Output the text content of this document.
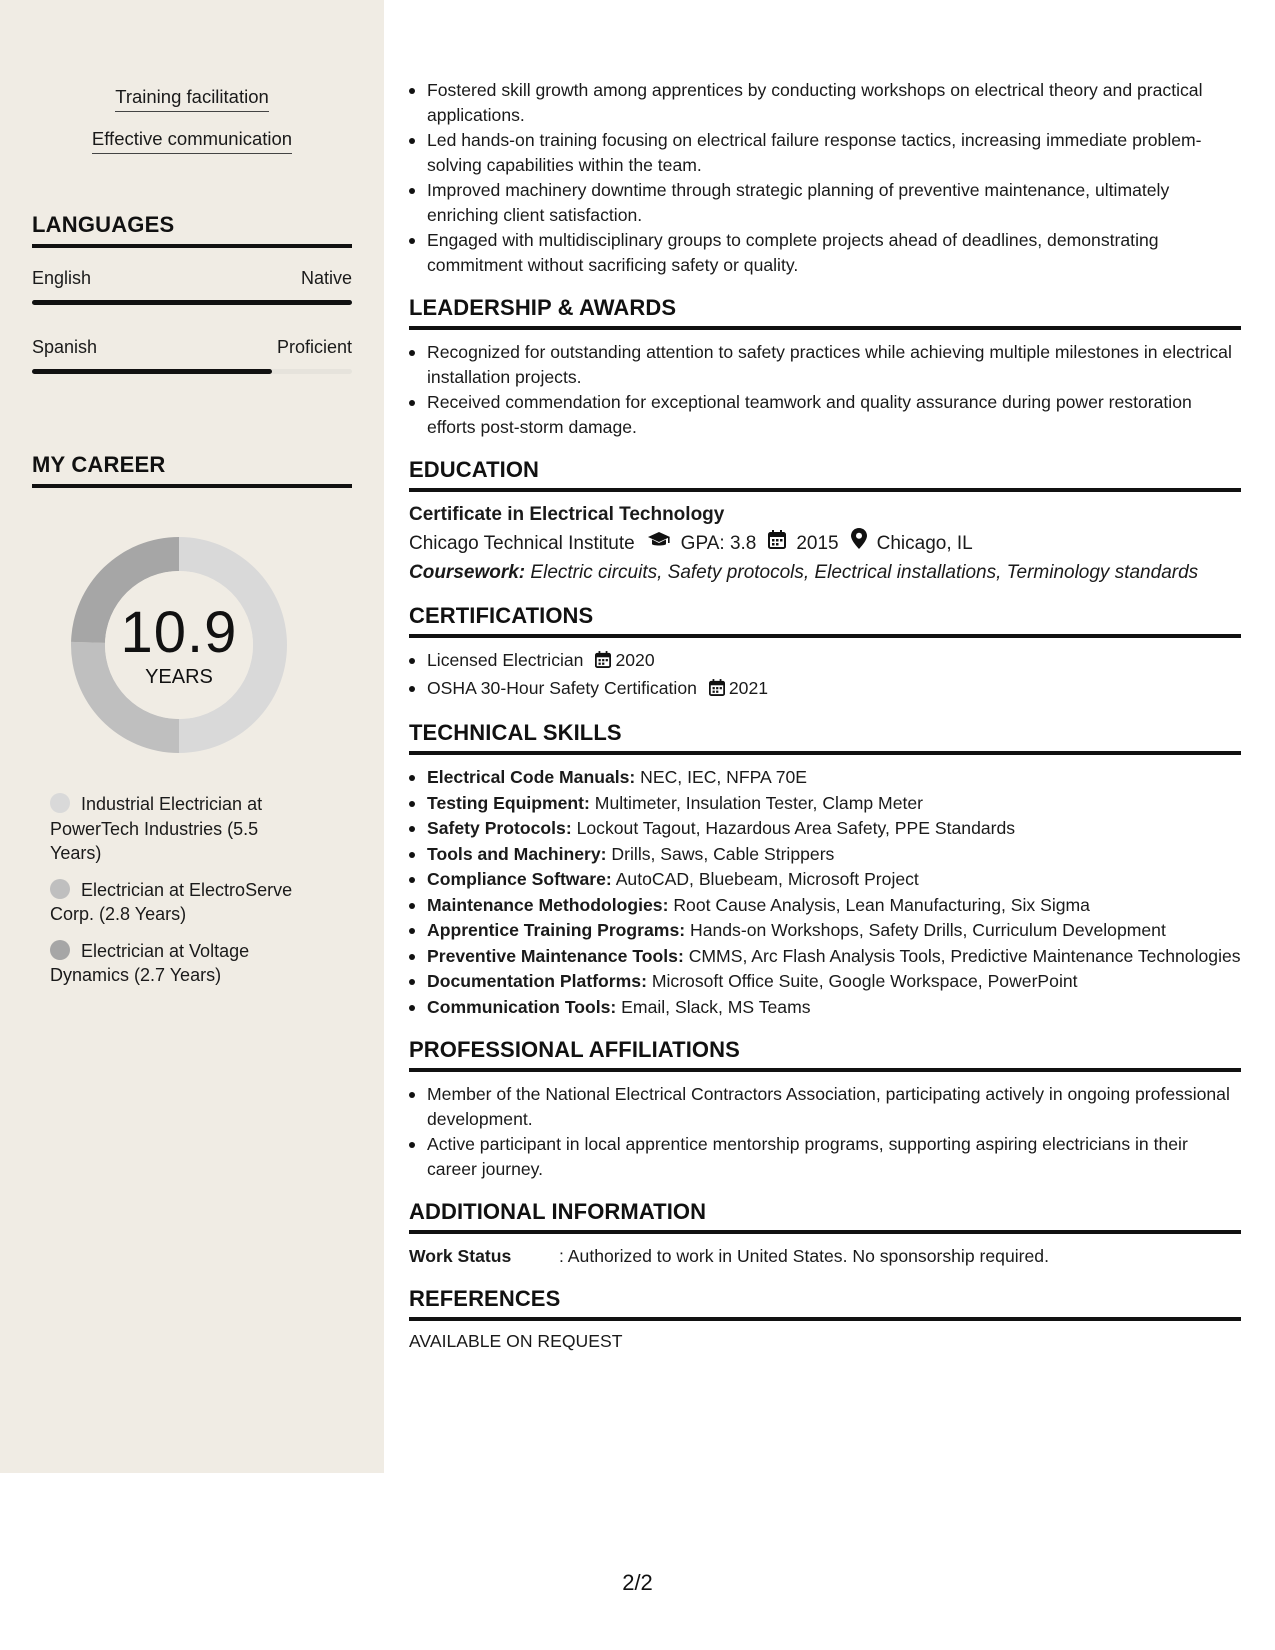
Training facilitation
Effective communication
LANGUAGES
English	Native
Spanish	Proficient
MY CAREER
10.9
YEARS
Industrial Electrician at PowerTech Industries (5.5 Years)
Electrician at ElectroServe Corp. (2.8 Years)
Electrician at Voltage Dynamics (2.7 Years)
Fostered skill growth among apprentices by conducting workshops on electrical theory and practical applications.
Led hands-on training focusing on electrical failure response tactics, increasing immediate problem-solving capabilities within the team.
Improved machinery downtime through strategic planning of preventive maintenance, ultimately enriching client satisfaction.
Engaged with multidisciplinary groups to complete projects ahead of deadlines, demonstrating commitment without sacrificing safety or quality.
LEADERSHIP & AWARDS
Recognized for outstanding attention to safety practices while achieving multiple milestones in electrical installation projects.
Received commendation for exceptional teamwork and quality assurance during power restoration efforts post-storm damage.
EDUCATION
Certificate in Electrical Technology
Chicago Technical Institute GPA: 3.8 2015 Chicago, IL
Coursework: Electric circuits, Safety protocols, Electrical installations, Terminology standards
CERTIFICATIONS
Licensed Electrician 2020
OSHA 30-Hour Safety Certification 2021
TECHNICAL SKILLS
Electrical Code Manuals: NEC, IEC, NFPA 70E
Testing Equipment: Multimeter, Insulation Tester, Clamp Meter
Safety Protocols: Lockout Tagout, Hazardous Area Safety, PPE Standards
Tools and Machinery: Drills, Saws, Cable Strippers
Compliance Software: AutoCAD, Bluebeam, Microsoft Project
Maintenance Methodologies: Root Cause Analysis, Lean Manufacturing, Six Sigma
Apprentice Training Programs: Hands-on Workshops, Safety Drills, Curriculum Development
Preventive Maintenance Tools: CMMS, Arc Flash Analysis Tools, Predictive Maintenance Technologies
Documentation Platforms: Microsoft Office Suite, Google Workspace, PowerPoint
Communication Tools: Email, Slack, MS Teams
PROFESSIONAL AFFILIATIONS
Member of the National Electrical Contractors Association, participating actively in ongoing professional development.
Active participant in local apprentice mentorship programs, supporting aspiring electricians in their career journey.
ADDITIONAL INFORMATION
Work Status	: Authorized to work in United States. No sponsorship required.
REFERENCES
AVAILABLE ON REQUEST
2/2
